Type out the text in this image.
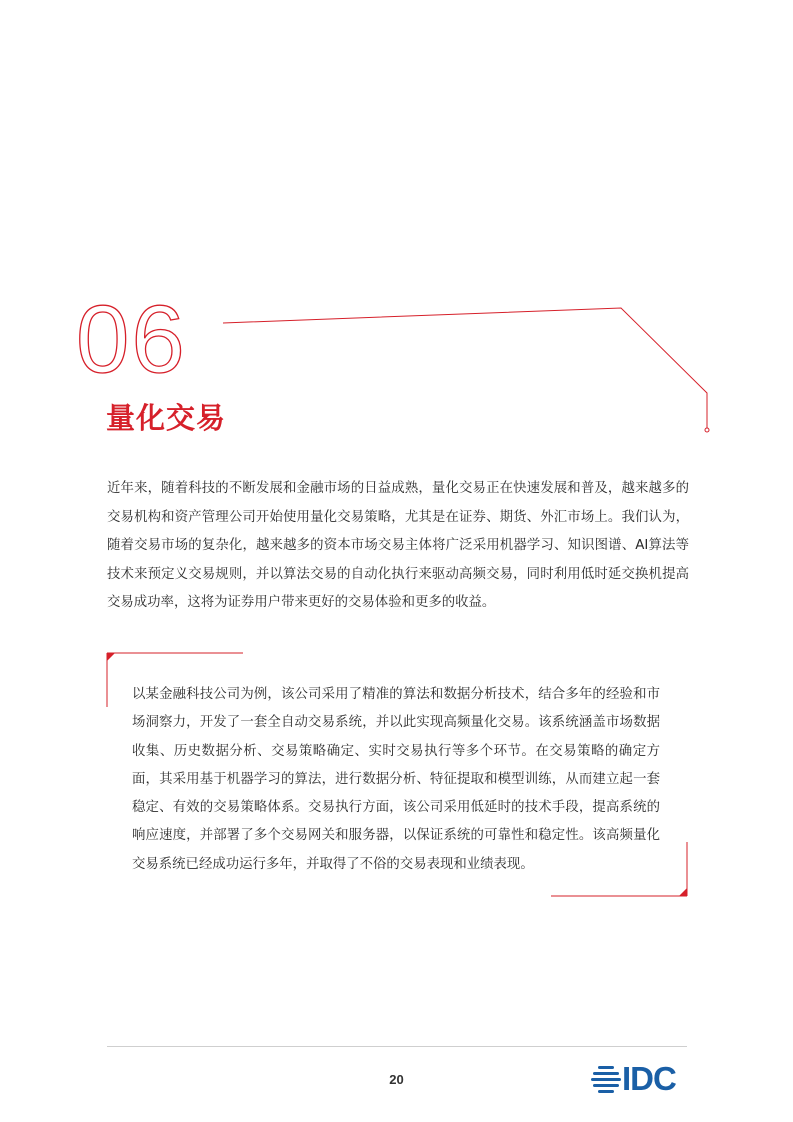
06
量化交易

近年来，随着科技的不断发展和金融市场的日益成熟，量化交易正在快速发展和普及，越来越多的交易机构和资产管理公司开始使用量化交易策略，尤其是在证券、期货、外汇市场上。我们认为，随着交易市场的复杂化，越来越多的资本市场交易主体将广泛采用机器学习、知识图谱、AI算法等技术来预定义交易规则，并以算法交易的自动化执行来驱动高频交易，同时利用低时延交换机提高交易成功率，这将为证券用户带来更好的交易体验和更多的收益。

以某金融科技公司为例，该公司采用了精准的算法和数据分析技术，结合多年的经验和市场洞察力，开发了一套全自动交易系统，并以此实现高频量化交易。该系统涵盖市场数据收集、历史数据分析、交易策略确定、实时交易执行等多个环节。在交易策略的确定方面，其采用基于机器学习的算法，进行数据分析、特征提取和模型训练，从而建立起一套稳定、有效的交易策略体系。交易执行方面，该公司采用低延时的技术手段，提高系统的响应速度，并部署了多个交易网关和服务器，以保证系统的可靠性和稳定性。该高频量化交易系统已经成功运行多年，并取得了不俗的交易表现和业绩表现。

20	IDC
